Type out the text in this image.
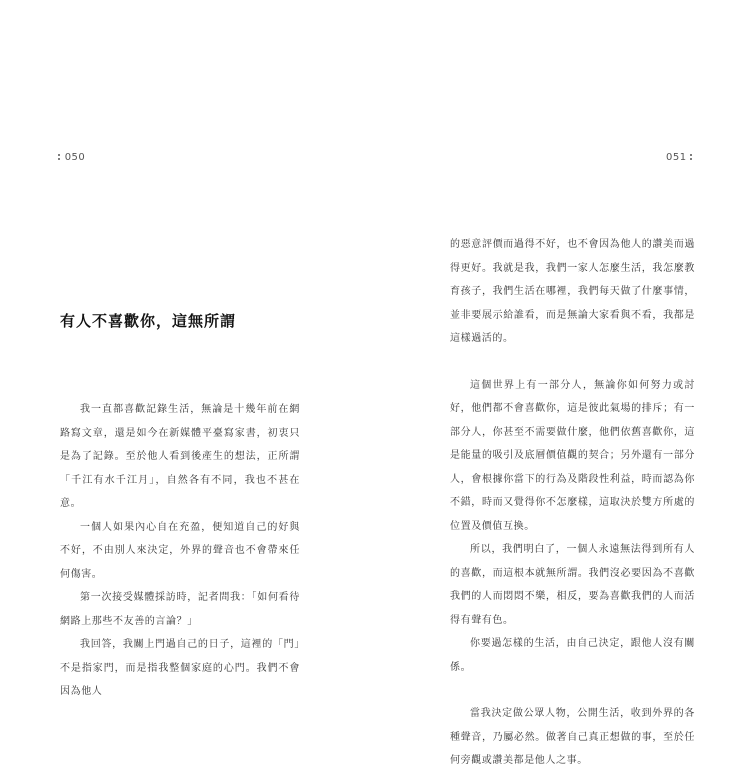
050
有人不喜歡你，這無所謂

我一直都喜歡記錄生活，無論是十幾年前在網路寫文章，還是如今在新媒體平臺寫家書，初衷只是為了記錄。至於他人看到後產生的想法，正所謂「千江有水千江月」，自然各有不同，我也不甚在意。

一個人如果內心自在充盈，便知道自己的好與不好，不由別人來決定，外界的聲音也不會帶來任何傷害。

第一次接受媒體採訪時，記者問我：「如何看待網路上那些不友善的言論？」

我回答，我關上門過自己的日子，這裡的「門」不是指家門，而是指我整個家庭的心門。我們不會因為他人

051

的惡意評價而過得不好，也不會因為他人的讚美而過得更好。我就是我，我們一家人怎麼生活，我怎麼教育孩子，我們生活在哪裡，我們每天做了什麼事情，並非要展示給誰看，而是無論大家看與不看，我都是這樣過活的。

這個世界上有一部分人，無論你如何努力或討好，他們都不會喜歡你，這是彼此氣場的排斥；有一部分人，你甚至不需要做什麼，他們依舊喜歡你，這是能量的吸引及底層價值觀的契合；另外還有一部分人，會根據你當下的行為及階段性利益，時而認為你不錯，時而又覺得你不怎麼樣，這取決於雙方所處的位置及價值互換。

所以，我們明白了，一個人永遠無法得到所有人的喜歡，而這根本就無所謂。我們沒必要因為不喜歡我們的人而悶悶不樂，相反，要為喜歡我們的人而活得有聲有色。

你要過怎樣的生活，由自己決定，跟他人沒有關係。

當我決定做公眾人物，公開生活，收到外界的各種聲音，乃屬必然。做著自己真正想做的事，至於任何旁觀或讚美都是他人之事。
